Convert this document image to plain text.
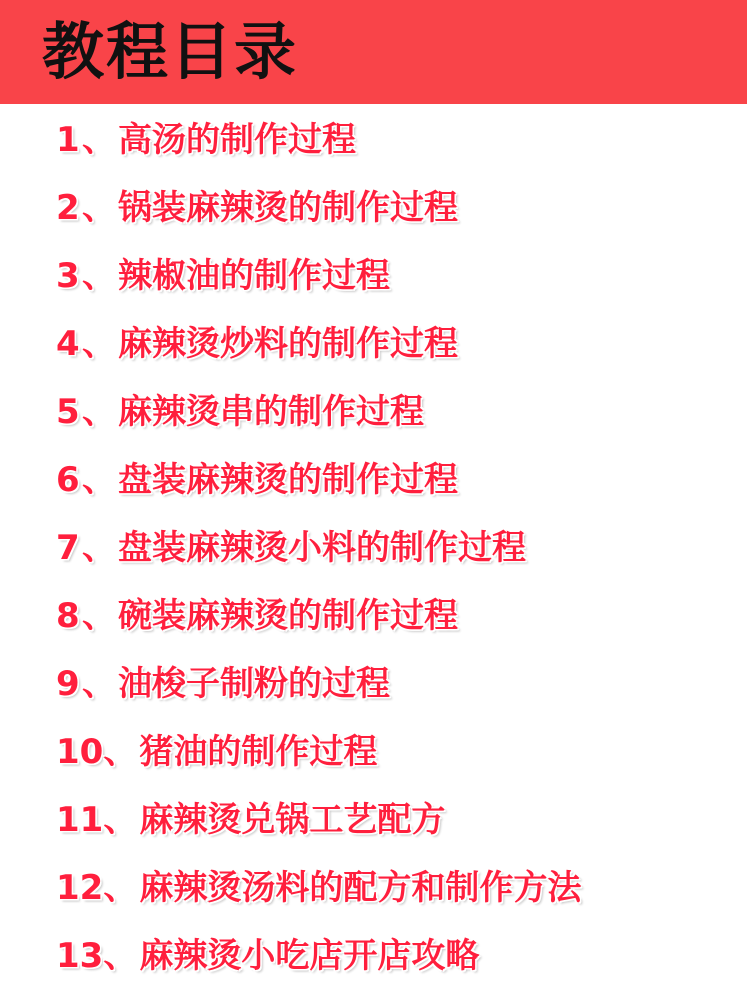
教程目录
1 、 高汤的制作过程
2 、 锅装麻辣烫的制作过程
3 、 辣椒油的制作过程
4 、 麻辣烫炒料的制作过程
5 、 麻辣烫串的制作过程
6 、 盘装麻辣烫的制作过程
7 、 盘装麻辣烫小料的制作过程
8 、 碗装麻辣烫的制作过程
9 、 油梭子制粉的过程
10 、 猪油的制作过程
11 、 麻辣烫兑锅工艺配方
12 、 麻辣烫汤料的配方和制作方法
13 、 麻辣烫小吃店开店攻略
